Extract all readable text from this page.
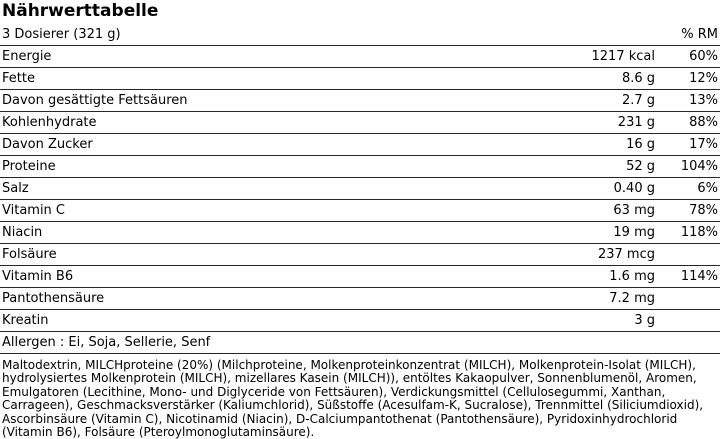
Nährwerttabelle
3 Dosierer (321 g)	% RM
Energie	1217 kcal	60%
Fette	8.6 g	12%
Davon gesättigte Fettsäuren	2.7 g	13%
Kohlenhydrate	231 g	88%
Davon Zucker	16 g	17%
Proteine	52 g	104%
Salz	0.40 g	6%
Vitamin C	63 mg	78%
Niacin	19 mg	118%
Folsäure	237 mcg
Vitamin B6	1.6 mg	114%
Pantothensäure	7.2 mg
Kreatin	3 g
Allergen : Ei, Soja, Sellerie, Senf
Maltodextrin, MILCHproteine (20%) (Milchproteine, Molkenproteinkonzentrat (MILCH), Molkenprotein-Isolat (MILCH), hydrolysiertes Molkenprotein (MILCH), mizellares Kasein (MILCH)), entöltes Kakaopulver, Sonnenblumenöl, Aromen, Emulgatoren (Lecithine, Mono- und Diglyceride von Fettsäuren), Verdickungsmittel (Cellulosegummi, Xanthan, Carrageen), Geschmacksverstärker (Kaliumchlorid), Süßstoffe (Acesulfam-K, Sucralose), Trennmittel (Siliciumdioxid), Ascorbinsäure (Vitamin C), Nicotinamid (Niacin), D-Calciumpantothenat (Pantothensäure), Pyridoxinhydrochlorid (Vitamin B6), Folsäure (Pteroylmonoglutaminsäure).
